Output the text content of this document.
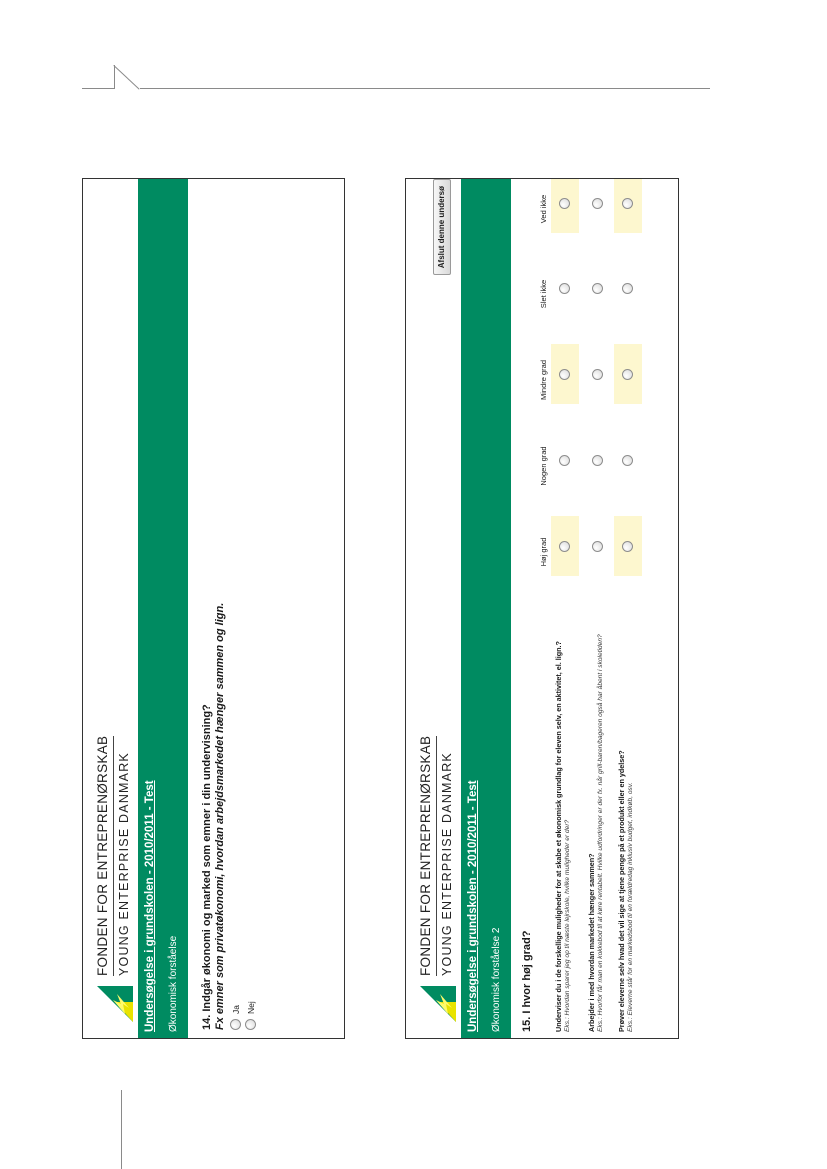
FONDEN FOR ENTREPRENØRSKAB YOUNG ENTERPRISE DANMARK Undersøgelse i grundskolen - 2010/2011 - Test Økonomisk forståelse 14. Indgår økonomi og marked som emner i din undervisning? Fx emner som privatøkonomi, hvordan arbejdsmarkedet hænger sammen og lign. Ja Nej
FONDEN FOR ENTREPRENØRSKAB YOUNG ENTERPRISE DANMARK
Afslut denne undersø
Undersøgelse i grundskolen - 2010/2011 - Test Økonomisk forståelse 2 15. I hvor høj grad?
Høj grad
Nogen grad
Mindre grad
Slet ikke
Ved ikke
Underviser du i de forskellige muligheder for at skabe et økonomisk grundlag for eleven selv, en aktivitet, el. lign.? Eks.: Hvordan sparer jeg op til næste lejrskole, hvilke muligheder er der? Arbejder i med hvordan markedet hænger sammen? Eks.: Hvorfor får man en kokkebod til at køre rentabelt. Hvilke udfordringer er der fx. når grill-baren/bageren også har åbent i skoletiden? Prøver eleverne selv hvad det vil sige at tjene penge på et produkt eller en ydelse? Eks.: Eleverne står for en markedsbod til en forældredag inklusiv budget, indkøb, osv.
